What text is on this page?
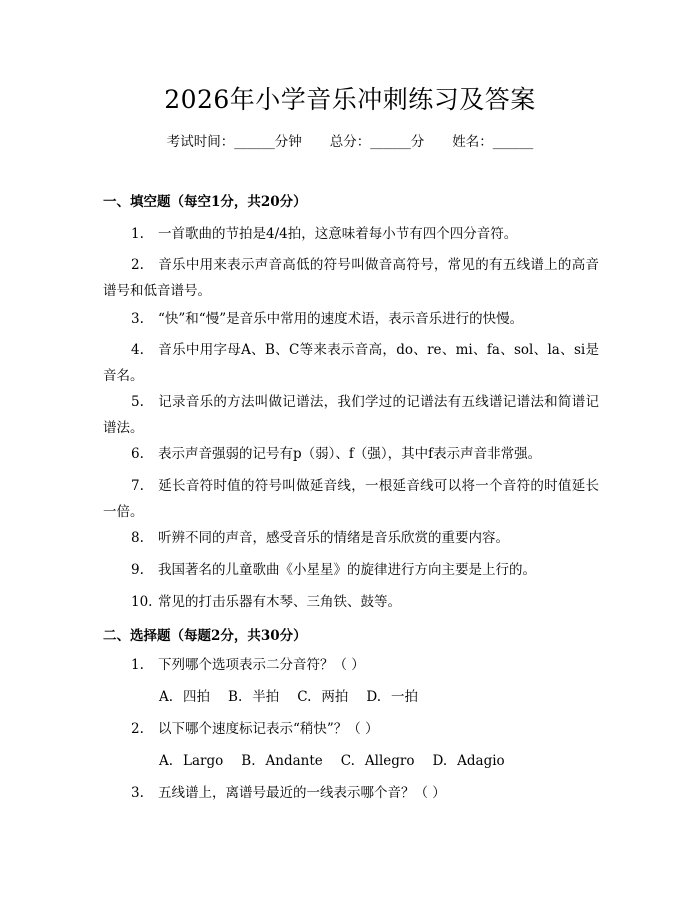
2026年小学音乐冲刺练习及答案
考试时间：______分钟 总分：______分 姓名：______
一、填空题（每空1分，共20分）
1. 一首歌曲的节拍是4/4拍，这意味着每小节有四个四分音符。
2. 音乐中用来表示声音高低的符号叫做音高符号，常见的有五线谱上的高音谱号和低音谱号。
3. “快”和“慢”是音乐中常用的速度术语，表示音乐进行的快慢。
4. 音乐中用字母A、B、C等来表示音高，do、re、mi、fa、sol、la、si是音名。
5. 记录音乐的方法叫做记谱法，我们学过的记谱法有五线谱记谱法和简谱记谱法。
6. 表示声音强弱的记号有p（弱）、f（强），其中f表示声音非常强。
7. 延长音符时值的符号叫做延音线，一根延音线可以将一个音符的时值延长一倍。
8. 听辨不同的声音，感受音乐的情绪是音乐欣赏的重要内容。
9. 我国著名的儿童歌曲《小星星》的旋律进行方向主要是上行的。
10. 常见的打击乐器有木琴、三角铁、鼓等。
二、选择题（每题2分，共30分）
1. 下列哪个选项表示二分音符？（ ）
A. 四拍 B. 半拍 C. 两拍 D. 一拍
2. 以下哪个速度标记表示“稍快”？（ ）
A. Largo B. Andante C. Allegro D. Adagio
3. 五线谱上，离谱号最近的一线表示哪个音？（ ）
